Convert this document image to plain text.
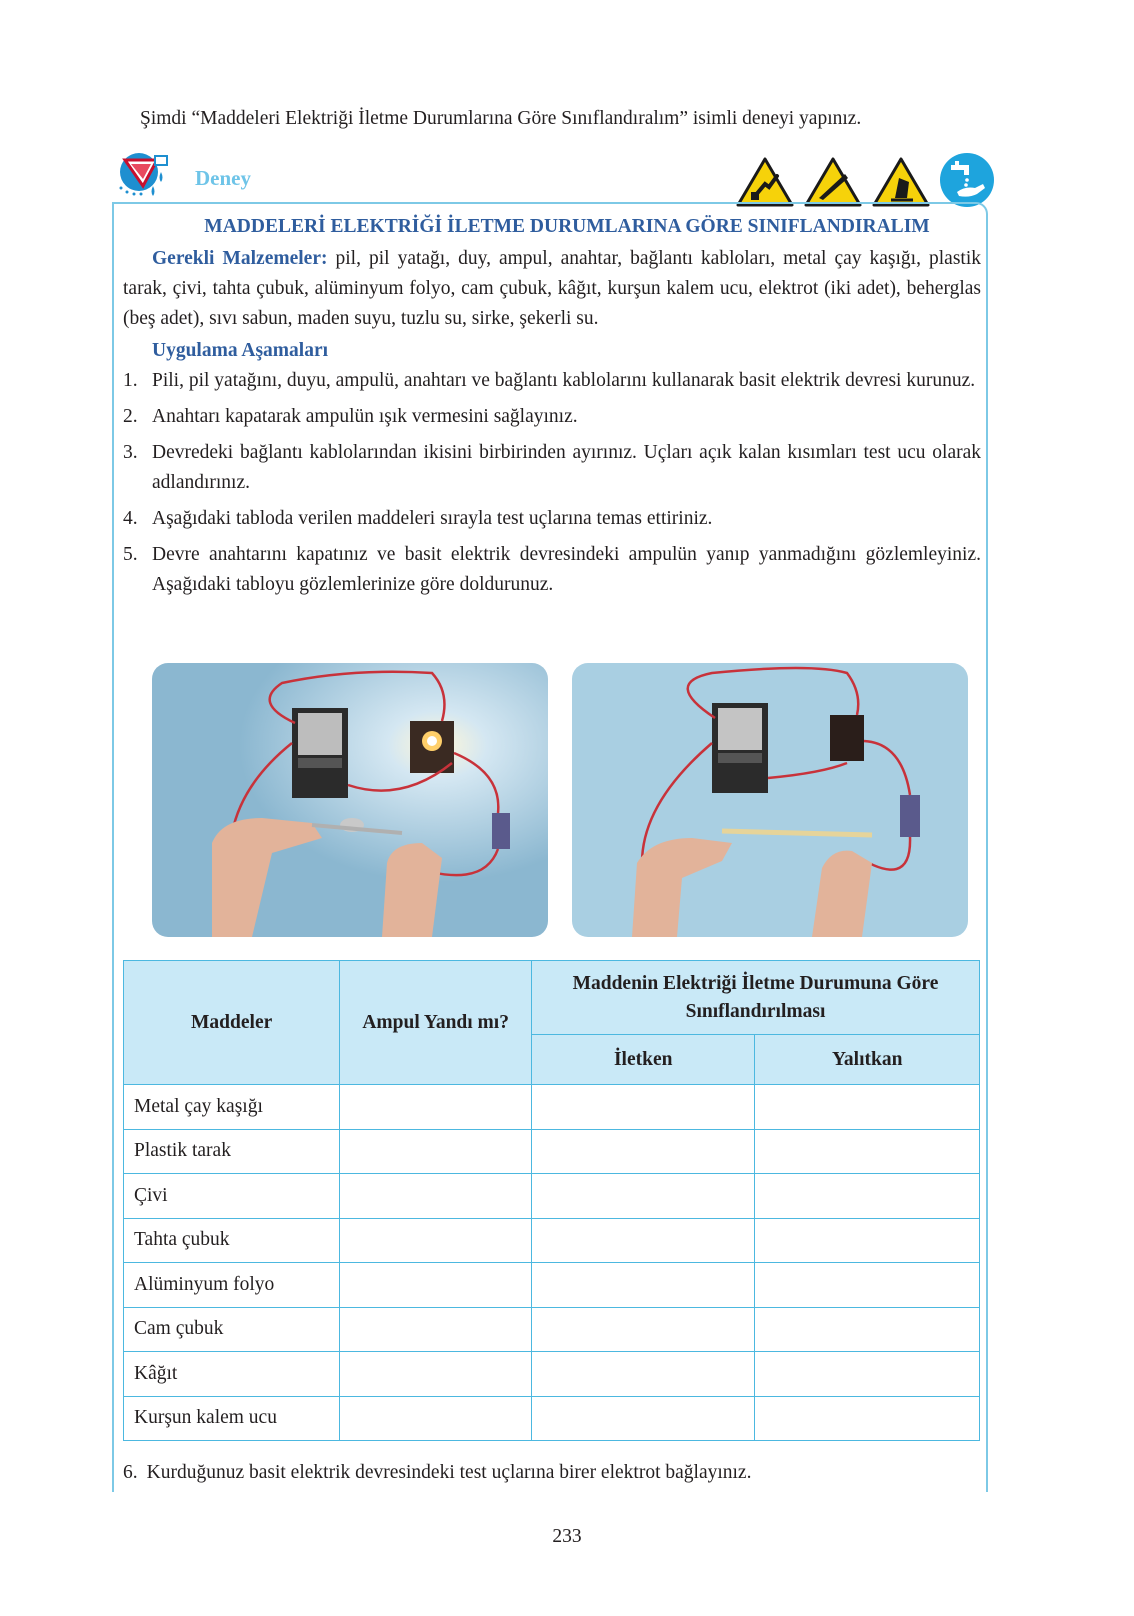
Şimdi “Maddeleri Elektriği İletme Durumlarına Göre Sınıflandıralım” isimli deneyi yapınız.
Deney
MADDELERİ ELEKTRİĞİ İLETME DURUMLARINA GÖRE SINIFLANDIRALIM
Gerekli Malzemeler: pil, pil yatağı, duy, ampul, anahtar, bağlantı kabloları, metal çay kaşığı, plastik tarak, çivi, tahta çubuk, alüminyum folyo, cam çubuk, kâğıt, kurşun kalem ucu, elektrot (iki adet), beherglas (beş adet), sıvı sabun, maden suyu, tuzlu su, sirke, şekerli su.
Uygulama Aşamaları
1. Pili, pil yatağını, duyu, ampulü, anahtarı ve bağlantı kablolarını kullanarak basit elektrik devresi kurunuz.
2. Anahtarı kapatarak ampulün ışık vermesini sağlayınız.
3. Devredeki bağlantı kablolarından ikisini birbirinden ayırınız. Uçları açık kalan kısımları test ucu olarak adlandırınız.
4. Aşağıdaki tabloda verilen maddeleri sırayla test uçlarına temas ettiriniz.
5. Devre anahtarını kapatınız ve basit elektrik devresindeki ampulün yanıp yanmadığını gözlemleyiniz. Aşağıdaki tabloyu gözlemlerinize göre doldurunuz.
Maddeler	Ampul Yandı mı?	Maddenin Elektriği İletme Durumuna Göre Sınıflandırılması	
		İletken	Yalıtkan
Metal çay kaşığı			
Plastik tarak			
Çivi			
Tahta çubuk			
Alüminyum folyo			
Cam çubuk			
Kâğıt			
Kurşun kalem ucu			
6. Kurduğunuz basit elektrik devresindeki test uçlarına birer elektrot bağlayınız.
233
